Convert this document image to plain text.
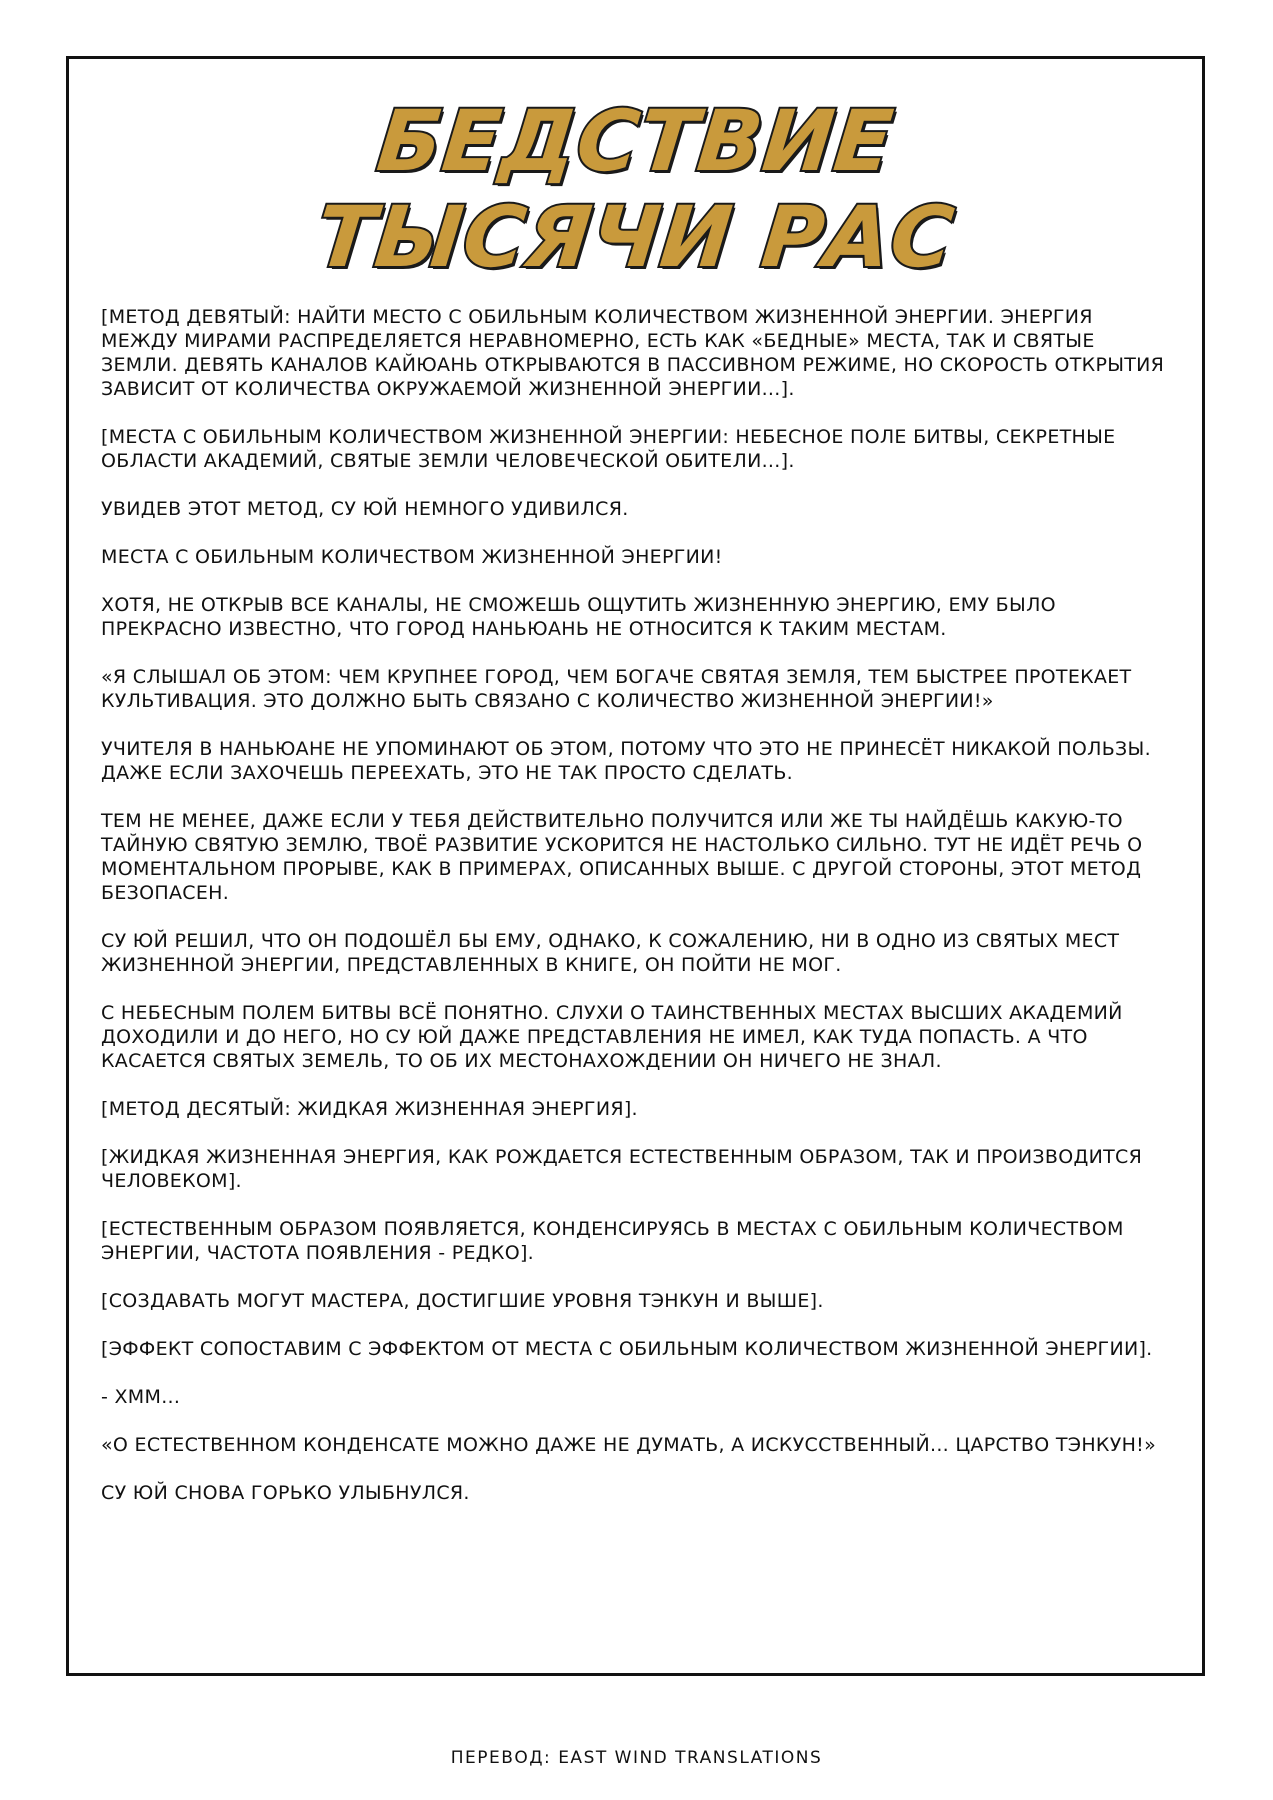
БЕДСТВИЕ
ТЫСЯЧИ РАС

[МЕТОД ДЕВЯТЫЙ: НАЙТИ МЕСТО С ОБИЛЬНЫМ КОЛИЧЕСТВОМ ЖИЗНЕННОЙ ЭНЕРГИИ. ЭНЕРГИЯ МЕЖДУ МИРАМИ РАСПРЕДЕЛЯЕТСЯ НЕРАВНОМЕРНО, ЕСТЬ КАК «БЕДНЫЕ» МЕСТА, ТАК И СВЯТЫЕ ЗЕМЛИ. ДЕВЯТЬ КАНАЛОВ КАЙЮАНЬ ОТКРЫВАЮТСЯ В ПАССИВНОМ РЕЖИМЕ, НО СКОРОСТЬ ОТКРЫТИЯ ЗАВИСИТ ОТ КОЛИЧЕСТВА ОКРУЖАЕМОЙ ЖИЗНЕННОЙ ЭНЕРГИИ...].

[МЕСТА С ОБИЛЬНЫМ КОЛИЧЕСТВОМ ЖИЗНЕННОЙ ЭНЕРГИИ: НЕБЕСНОЕ ПОЛЕ БИТВЫ, СЕКРЕТНЫЕ ОБЛАСТИ АКАДЕМИЙ, СВЯТЫЕ ЗЕМЛИ ЧЕЛОВЕЧЕСКОЙ ОБИТЕЛИ...].

УВИДЕВ ЭТОТ МЕТОД, СУ ЮЙ НЕМНОГО УДИВИЛСЯ.

МЕСТА С ОБИЛЬНЫМ КОЛИЧЕСТВОМ ЖИЗНЕННОЙ ЭНЕРГИИ!

ХОТЯ, НЕ ОТКРЫВ ВСЕ КАНАЛЫ, НЕ СМОЖЕШЬ ОЩУТИТЬ ЖИЗНЕННУЮ ЭНЕРГИЮ, ЕМУ БЫЛО ПРЕКРАСНО ИЗВЕСТНО, ЧТО ГОРОД НАНЬЮАНЬ НЕ ОТНОСИТСЯ К ТАКИМ МЕСТАМ.

«Я СЛЫШАЛ ОБ ЭТОМ: ЧЕМ КРУПНЕЕ ГОРОД, ЧЕМ БОГАЧЕ СВЯТАЯ ЗЕМЛЯ, ТЕМ БЫСТРЕЕ ПРОТЕКАЕТ КУЛЬТИВАЦИЯ. ЭТО ДОЛЖНО БЫТЬ СВЯЗАНО С КОЛИЧЕСТВО ЖИЗНЕННОЙ ЭНЕРГИИ!»

УЧИТЕЛЯ В НАНЬЮАНЕ НЕ УПОМИНАЮТ ОБ ЭТОМ, ПОТОМУ ЧТО ЭТО НЕ ПРИНЕСЁТ НИКАКОЙ ПОЛЬЗЫ. ДАЖЕ ЕСЛИ ЗАХОЧЕШЬ ПЕРЕЕХАТЬ, ЭТО НЕ ТАК ПРОСТО СДЕЛАТЬ.

ТЕМ НЕ МЕНЕЕ, ДАЖЕ ЕСЛИ У ТЕБЯ ДЕЙСТВИТЕЛЬНО ПОЛУЧИТСЯ ИЛИ ЖЕ ТЫ НАЙДЁШЬ КАКУЮ-ТО ТАЙНУЮ СВЯТУЮ ЗЕМЛЮ, ТВОЁ РАЗВИТИЕ УСКОРИТСЯ НЕ НАСТОЛЬКО СИЛЬНО. ТУТ НЕ ИДЁТ РЕЧЬ О МОМЕНТАЛЬНОМ ПРОРЫВЕ, КАК В ПРИМЕРАХ, ОПИСАННЫХ ВЫШЕ. С ДРУГОЙ СТОРОНЫ, ЭТОТ МЕТОД БЕЗОПАСЕН.

СУ ЮЙ РЕШИЛ, ЧТО ОН ПОДОШЁЛ БЫ ЕМУ, ОДНАКО, К СОЖАЛЕНИЮ, НИ В ОДНО ИЗ СВЯТЫХ МЕСТ ЖИЗНЕННОЙ ЭНЕРГИИ, ПРЕДСТАВЛЕННЫХ В КНИГЕ, ОН ПОЙТИ НЕ МОГ.

С НЕБЕСНЫМ ПОЛЕМ БИТВЫ ВСЁ ПОНЯТНО. СЛУХИ О ТАИНСТВЕННЫХ МЕСТАХ ВЫСШИХ АКАДЕМИЙ ДОХОДИЛИ И ДО НЕГО, НО СУ ЮЙ ДАЖЕ ПРЕДСТАВЛЕНИЯ НЕ ИМЕЛ, КАК ТУДА ПОПАСТЬ. А ЧТО КАСАЕТСЯ СВЯТЫХ ЗЕМЕЛЬ, ТО ОБ ИХ МЕСТОНАХОЖДЕНИИ ОН НИЧЕГО НЕ ЗНАЛ.

[МЕТОД ДЕСЯТЫЙ: ЖИДКАЯ ЖИЗНЕННАЯ ЭНЕРГИЯ].

[ЖИДКАЯ ЖИЗНЕННАЯ ЭНЕРГИЯ, КАК РОЖДАЕТСЯ ЕСТЕСТВЕННЫМ ОБРАЗОМ, ТАК И ПРОИЗВОДИТСЯ ЧЕЛОВЕКОМ].

[ЕСТЕСТВЕННЫМ ОБРАЗОМ ПОЯВЛЯЕТСЯ, КОНДЕНСИРУЯСЬ В МЕСТАХ С ОБИЛЬНЫМ КОЛИЧЕСТВОМ ЭНЕРГИИ, ЧАСТОТА ПОЯВЛЕНИЯ - РЕДКО].

[СОЗДАВАТЬ МОГУТ МАСТЕРА, ДОСТИГШИЕ УРОВНЯ ТЭНКУН И ВЫШЕ].

[ЭФФЕКТ СОПОСТАВИМ С ЭФФЕКТОМ ОТ МЕСТА С ОБИЛЬНЫМ КОЛИЧЕСТВОМ ЖИЗНЕННОЙ ЭНЕРГИИ].

- ХММ...

«О ЕСТЕСТВЕННОМ КОНДЕНСАТЕ МОЖНО ДАЖЕ НЕ ДУМАТЬ, А ИСКУССТВЕННЫЙ... ЦАРСТВО ТЭНКУН!»

СУ ЮЙ СНОВА ГОРЬКО УЛЫБНУЛСЯ.

ПЕРЕВОД: EAST WIND TRANSLATIONS
